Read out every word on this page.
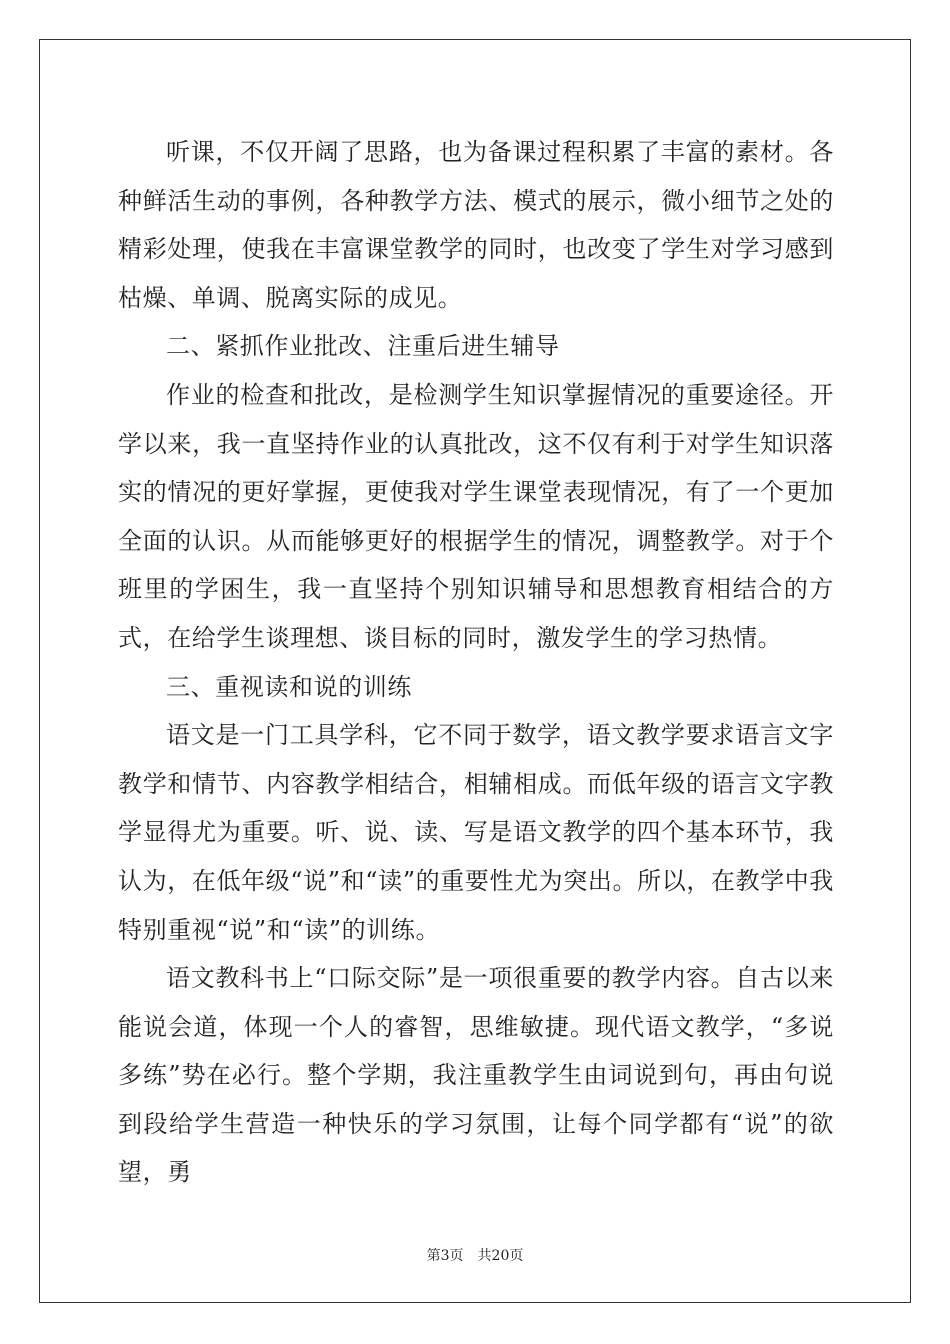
听课，不仅开阔了思路，也为备课过程积累了丰富的素材。各种鲜活生动的事例，各种教学方法、模式的展示，微小细节之处的精彩处理，使我在丰富课堂教学的同时，也改变了学生对学习感到枯燥、单调、脱离实际的成见。

二、紧抓作业批改、注重后进生辅导

作业的检查和批改，是检测学生知识掌握情况的重要途径。开学以来，我一直坚持作业的认真批改，这不仅有利于对学生知识落实的情况的更好掌握，更使我对学生课堂表现情况，有了一个更加全面的认识。从而能够更好的根据学生的情况，调整教学。对于个班里的学困生，我一直坚持个别知识辅导和思想教育相结合的方式，在给学生谈理想、谈目标的同时，激发学生的学习热情。

三、重视读和说的训练

语文是一门工具学科，它不同于数学，语文教学要求语言文字教学和情节、内容教学相结合，相辅相成。而低年级的语言文字教学显得尤为重要。听、说、读、写是语文教学的四个基本环节，我认为，在低年级“说”和“读”的重要性尤为突出。所以，在教学中我特别重视“说”和“读”的训练。

语文教科书上“口际交际”是一项很重要的教学内容。自古以来能说会道，体现一个人的睿智，思维敏捷。现代语文教学，“多说多练”势在必行。整个学期，我注重教学生由词说到句，再由句说到段给学生营造一种快乐的学习氛围，让每个同学都有“说”的欲望，勇

第3页 共20页
